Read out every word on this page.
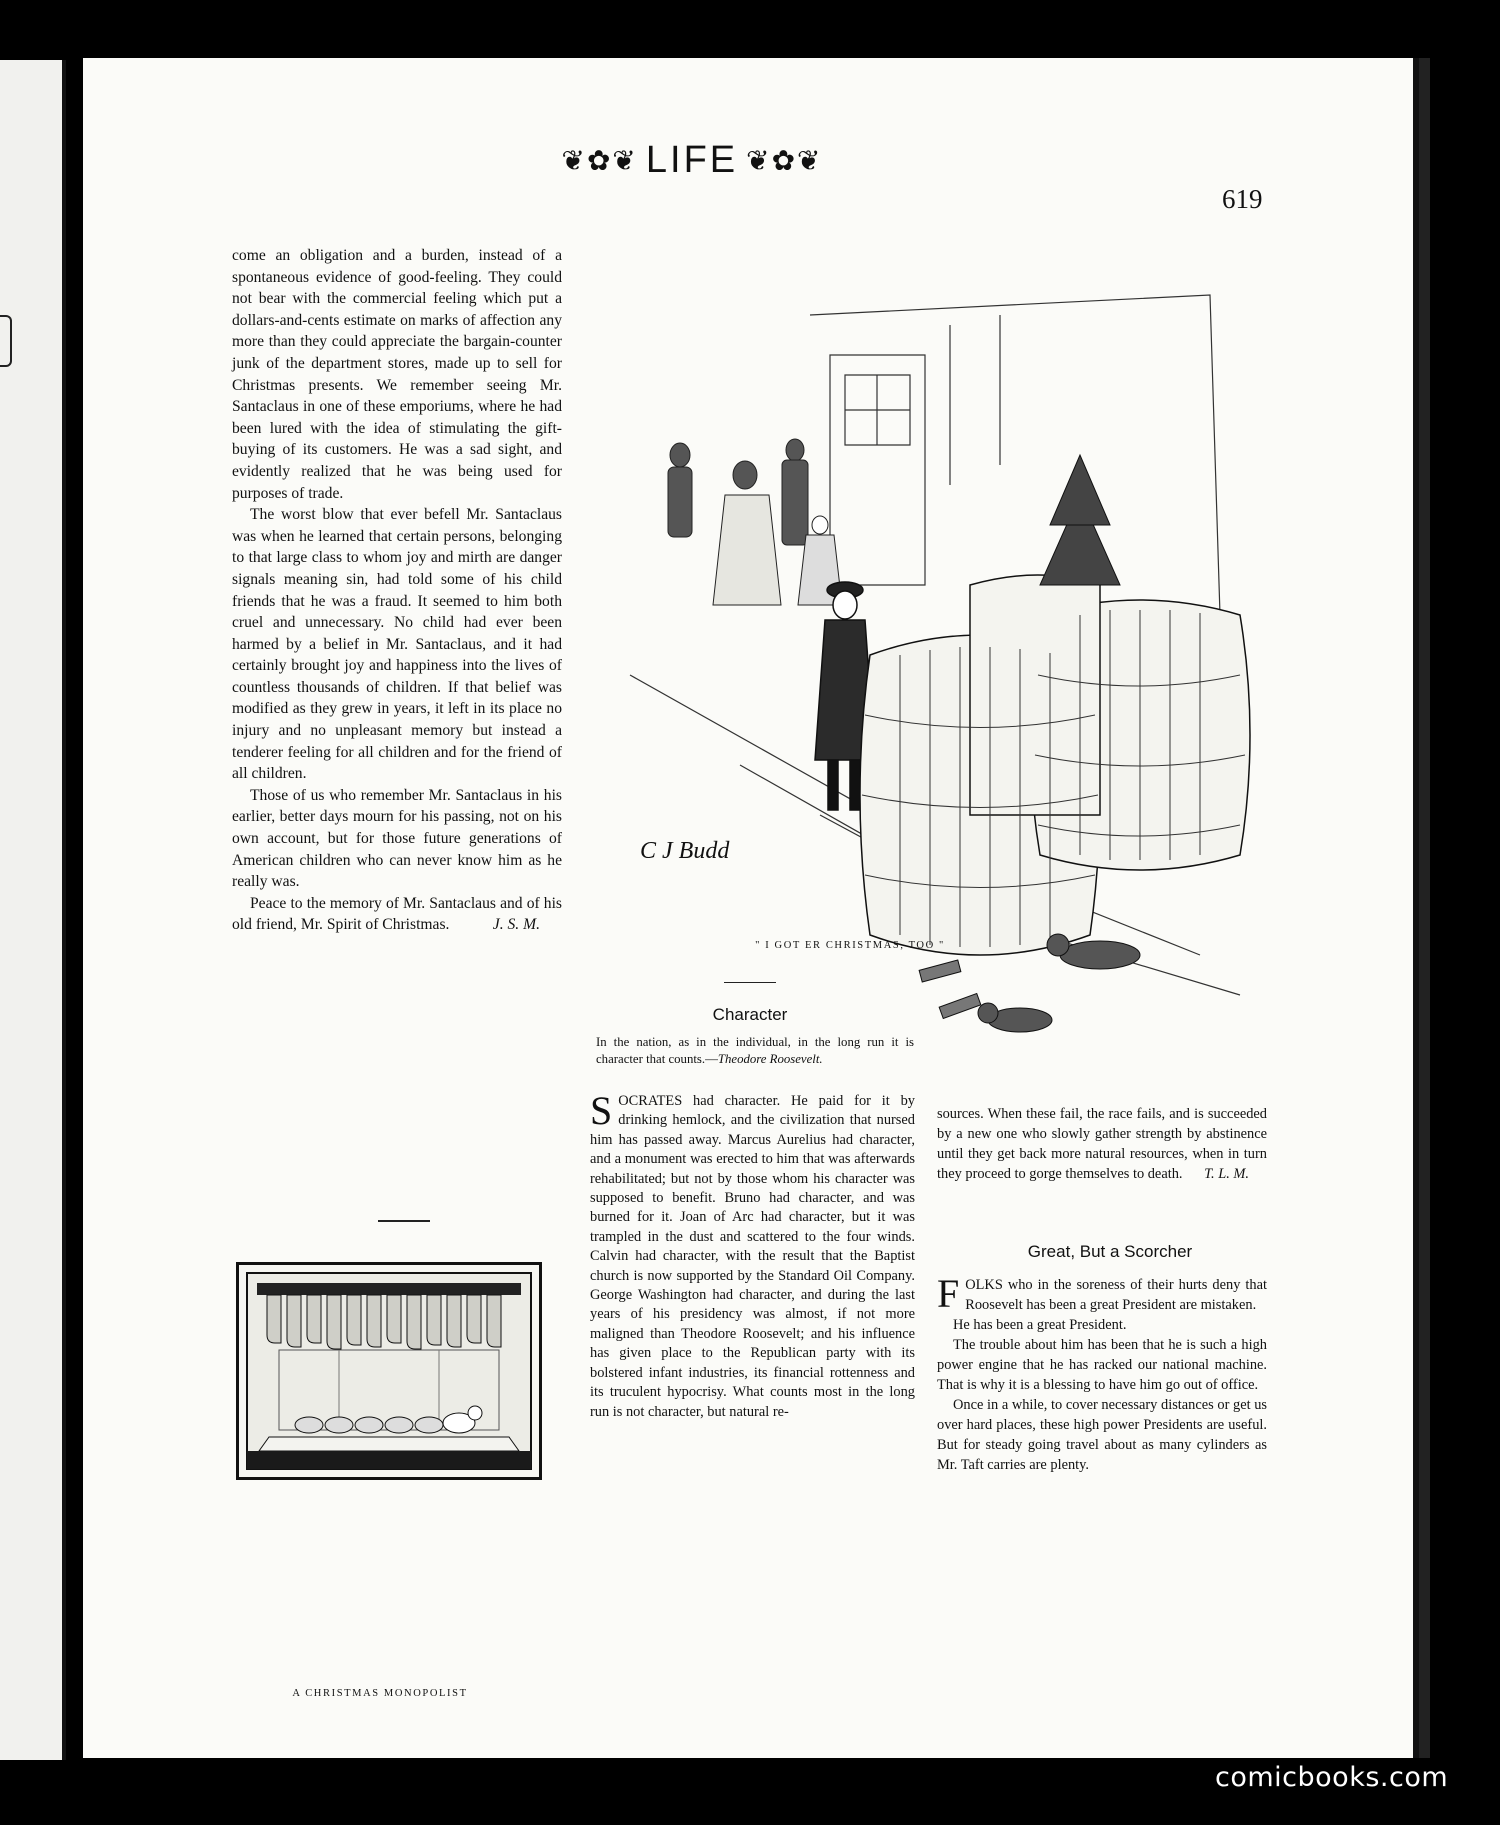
❦✿❦ LIFE ❦✿❦
619

come an obligation and a burden, instead of a spontaneous evidence of good-feeling. They could not bear with the commercial feeling which put a dollars-and-cents estimate on marks of affection any more than they could appreciate the bargain-counter junk of the department stores, made up to sell for Christmas presents. We remember seeing Mr. Santaclaus in one of these emporiums, where he had been lured with the idea of stimulating the gift-buying of its customers. He was a sad sight, and evidently realized that he was being used for purposes of trade.

The worst blow that ever befell Mr. Santaclaus was when he learned that certain persons, belonging to that large class to whom joy and mirth are danger signals meaning sin, had told some of his child friends that he was a fraud. It seemed to him both cruel and unnecessary. No child had ever been harmed by a belief in Mr. Santaclaus, and it had certainly brought joy and happiness into the lives of countless thousands of children. If that belief was modified as they grew in years, it left in its place no injury and no unpleasant memory but instead a tenderer feeling for all children and for the friend of all children.

Those of us who remember Mr. Santaclaus in his earlier, better days mourn for his passing, not on his own account, but for those future generations of American children who can never know him as he really was.

Peace to the memory of Mr. Santaclaus and of his old friend, Mr. Spirit of Christmas.	J. S. M.

A CHRISTMAS MONOPOLIST
C J Budd
" I GOT ER CHRISTMAS, TOO "
Character
In the nation, as in the individual, in the long run it is character that counts.—Theodore Roosevelt.

SOCRATES had character. He paid for it by drinking hemlock, and the civilization that nursed him has passed away. Marcus Aurelius had character, and a monument was erected to him that was afterwards rehabilitated; but not by those whom his character was supposed to benefit. Bruno had character, and was burned for it. Joan of Arc had character, but it was trampled in the dust and scattered to the four winds. Calvin had character, with the result that the Baptist church is now supported by the Standard Oil Company. George Washington had character, and during the last years of his presidency was almost, if not more maligned than Theodore Roosevelt; and his influence has given place to the Republican party with its bolstered infant industries, its financial rottenness and its truculent hypocrisy. What counts most in the long run is not character, but natural re-

sources. When these fail, the race fails, and is succeeded by a new one who slowly gather strength by abstinence until they get back more natural resources, when in turn they proceed to gorge themselves to death. T. L. M.

Great, But a Scorcher

FOLKS who in the soreness of their hurts deny that Roosevelt has been a great President are mistaken.

He has been a great President.

The trouble about him has been that he is such a high power engine that he has racked our national machine. That is why it is a blessing to have him go out of office.

Once in a while, to cover necessary distances or get us over hard places, these high power Presidents are useful. But for steady going travel about as many cylinders as Mr. Taft carries are plenty.

comicbooks.com
